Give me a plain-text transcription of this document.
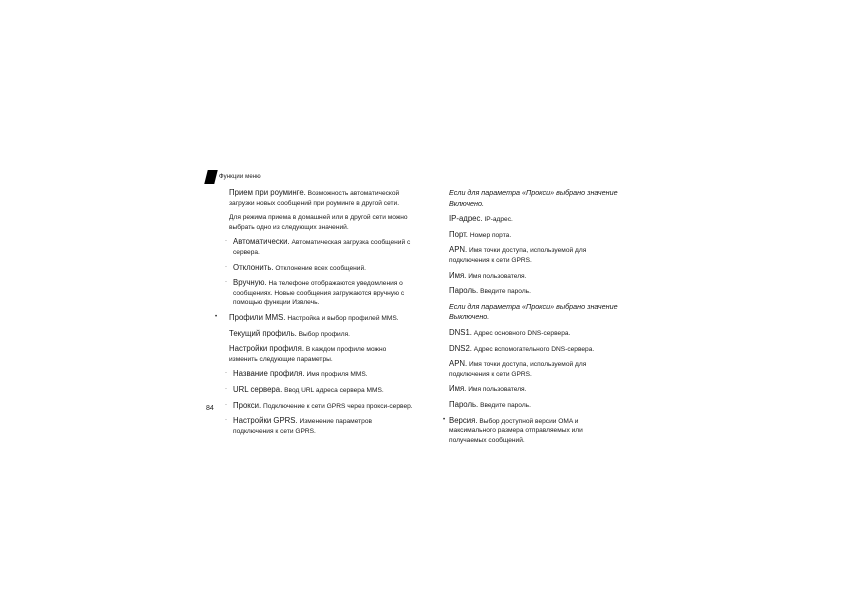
Функции меню
Прием при роуминге. Возможность автоматической загрузки новых сообщений при роуминге в другой сети.
Для режима приема в домашней или в другой сети можно выбрать одно из следующих значений.
· Автоматически. Автоматическая загрузка сообщений с сервера.
· Отклонить. Отклонение всех сообщений.
· Вручную. На телефоне отображаются уведомления о сообщениях. Новые сообщения загружаются вручную с помощью функции Извлечь.
• Профили MMS. Настройка и выбор профилей MMS.
Текущий профиль. Выбор профиля.
Настройки профиля. В каждом профиле можно изменить следующие параметры.
· Название профиля. Имя профиля MMS.
· URL сервера. Ввод URL адреса сервера MMS.
· Прокси. Подключение к сети GPRS через прокси-сервер.
· Настройки GPRS. Изменение параметров подключения к сети GPRS.
Если для параметра «Прокси» выбрано значение Включено.
IP-адрес. IP-адрес.
Порт. Номер порта.
APN. Имя точки доступа, используемой для подключения к сети GPRS.
Имя. Имя пользователя.
Пароль. Введите пароль.
Если для параметра «Прокси» выбрано значение Выключено.
DNS1. Адрес основного DNS-сервера.
DNS2. Адрес вспомогательного DNS-сервера.
APN. Имя точки доступа, используемой для подключения к сети GPRS.
Имя. Имя пользователя.
Пароль. Введите пароль.
• Версия. Выбор доступной версии OMA и максимального размера отправляемых или получаемых сообщений.
84
